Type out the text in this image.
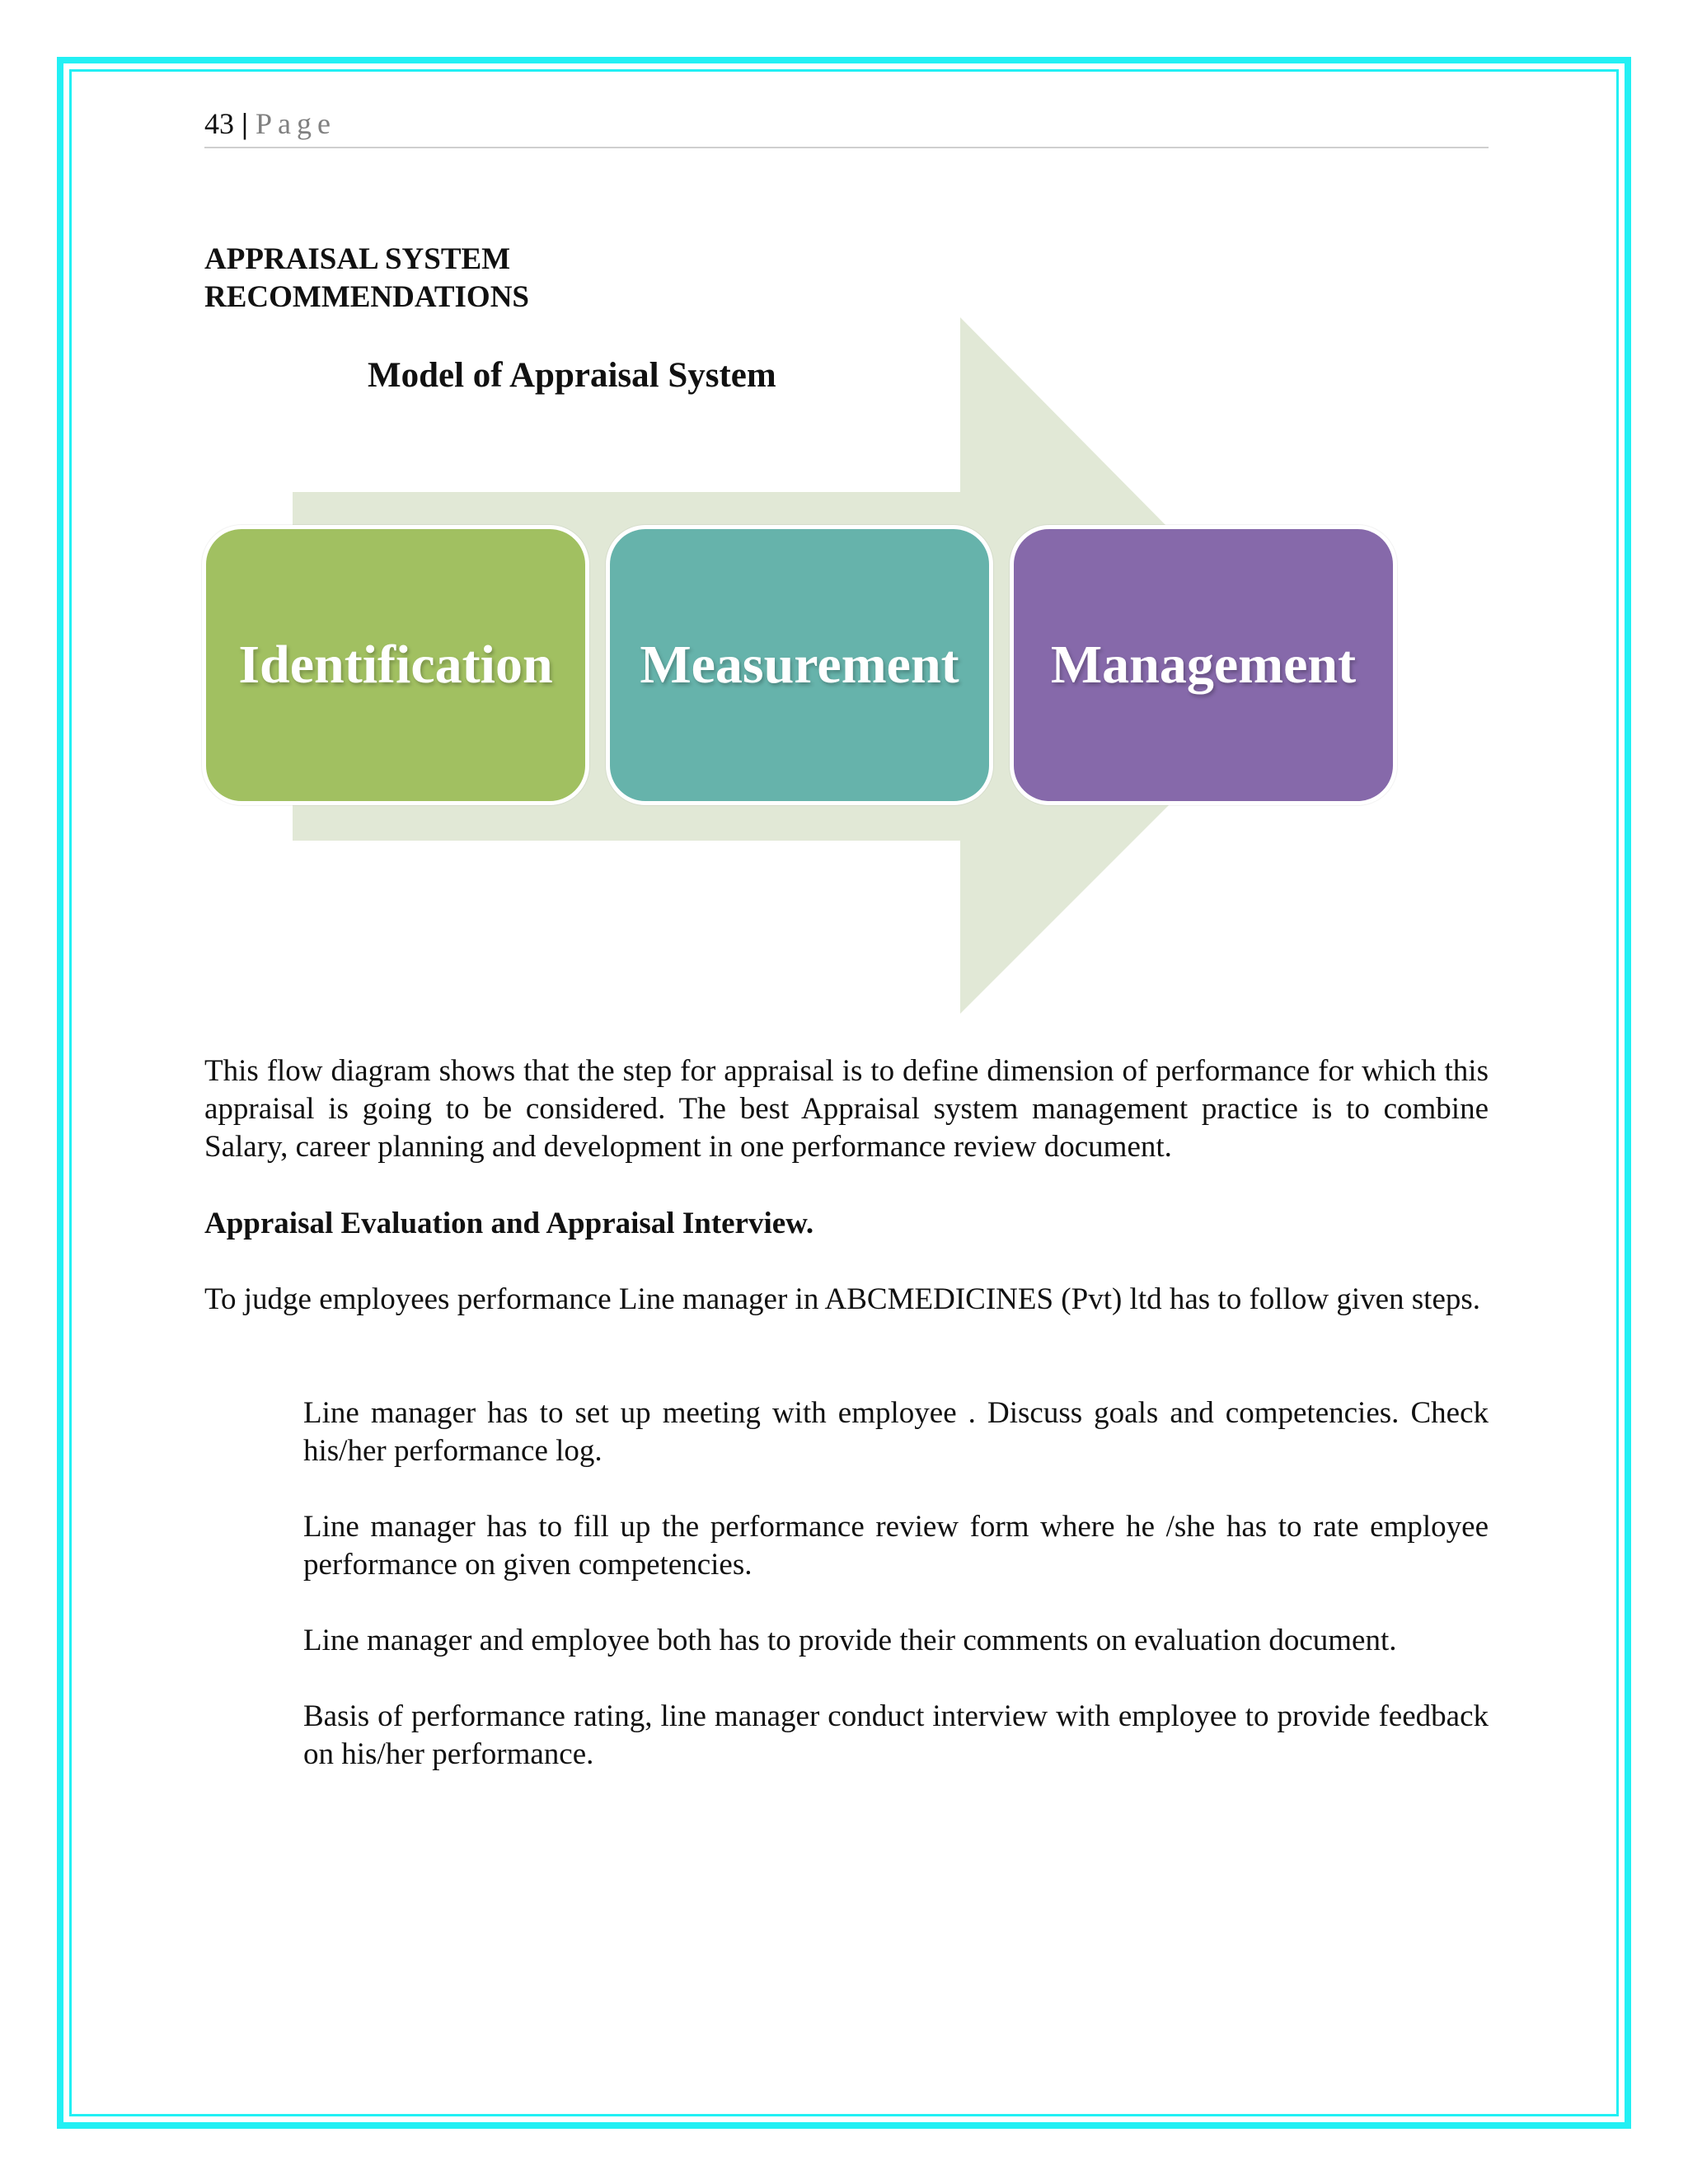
43 | Page
APPRAISAL SYSTEM
RECOMMENDATIONS
Model of Appraisal System
Identification Measurement Management

This flow diagram shows that the step for appraisal is to define dimension of performance for which this appraisal is going to be considered. The best Appraisal system management practice is to combine Salary, career planning and development in one performance review document.

Appraisal Evaluation and Appraisal Interview.

To judge employees performance Line manager in ABCMEDICINES (Pvt) ltd has to follow given steps.

Line manager has to set up meeting with employee . Discuss goals and competencies. Check his/her performance log.
Line manager has to fill up the performance review form where he /she has to rate employee performance on given competencies.
Line manager and employee both has to provide their comments on evaluation document.
Basis of performance rating, line manager conduct interview with employee to provide feedback on his/her performance.
